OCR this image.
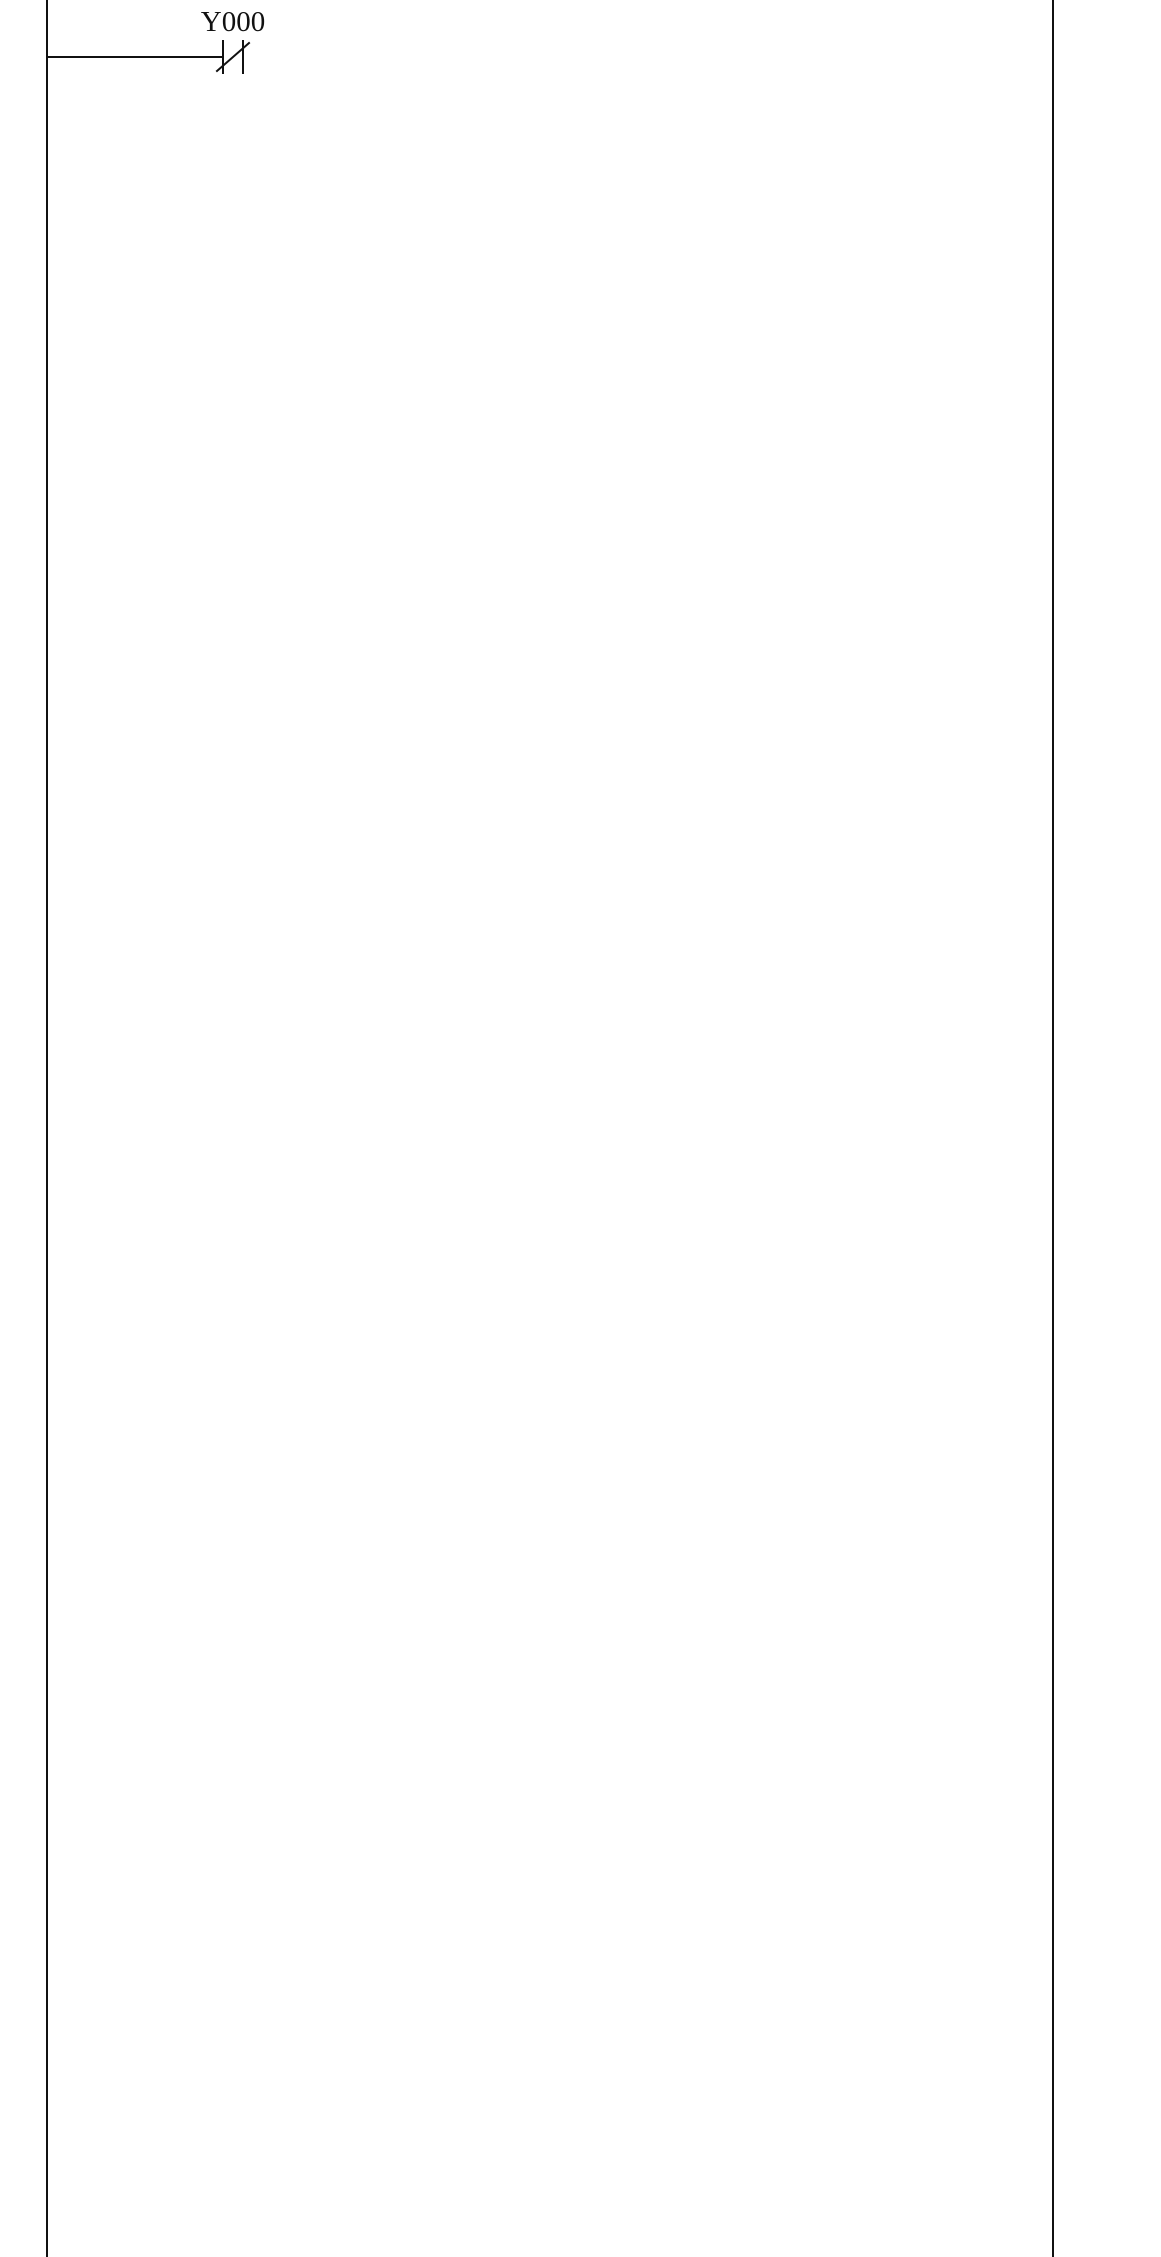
Y000
